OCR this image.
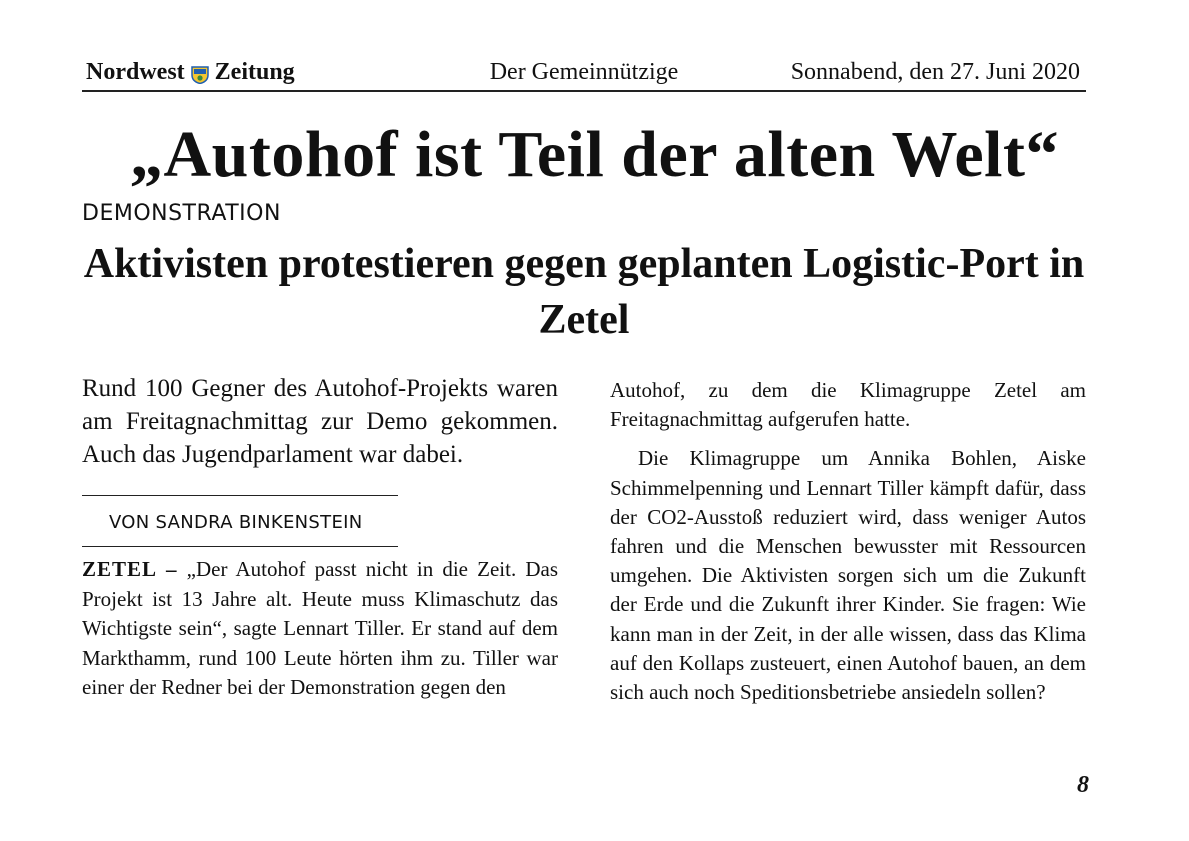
Nordwest Zeitung	Der Gemeinnützige	Sonnabend, den 27. Juni 2020
„Autohof ist Teil der alten Welt“
DEMONSTRATION
Aktivisten protestieren gegen geplanten Logistic-Port in Zetel

Rund 100 Gegner des Autohof-Projekts waren am Freitagnachmittag zur Demo gekommen. Auch das Jugendparlament war dabei.

VON SANDRA BINKENSTEIN

ZETEL – „Der Autohof passt nicht in die Zeit. Das Projekt ist 13 Jahre alt. Heute muss Klimaschutz das Wichtigste sein“, sagte Lennart Tiller. Er stand auf dem Markthamm, rund 100 Leute hörten ihm zu. Tiller war einer der Redner bei der Demonstration gegen den

Autohof, zu dem die Klimagruppe Zetel am Freitagnachmittag aufgerufen hatte.

Die Klimagruppe um Annika Bohlen, Aiske Schimmelpenning und Lennart Tiller kämpft dafür, dass der CO2-Ausstoß reduziert wird, dass weniger Autos fahren und die Menschen bewusster mit Ressourcen umgehen. Die Aktivisten sorgen sich um die Zukunft der Erde und die Zukunft ihrer Kinder. Sie fragen: Wie kann man in der Zeit, in der alle wissen, dass das Klima auf den Kollaps zusteuert, einen Autohof bauen, an dem sich auch noch Speditionsbetriebe ansiedeln sollen?

8
